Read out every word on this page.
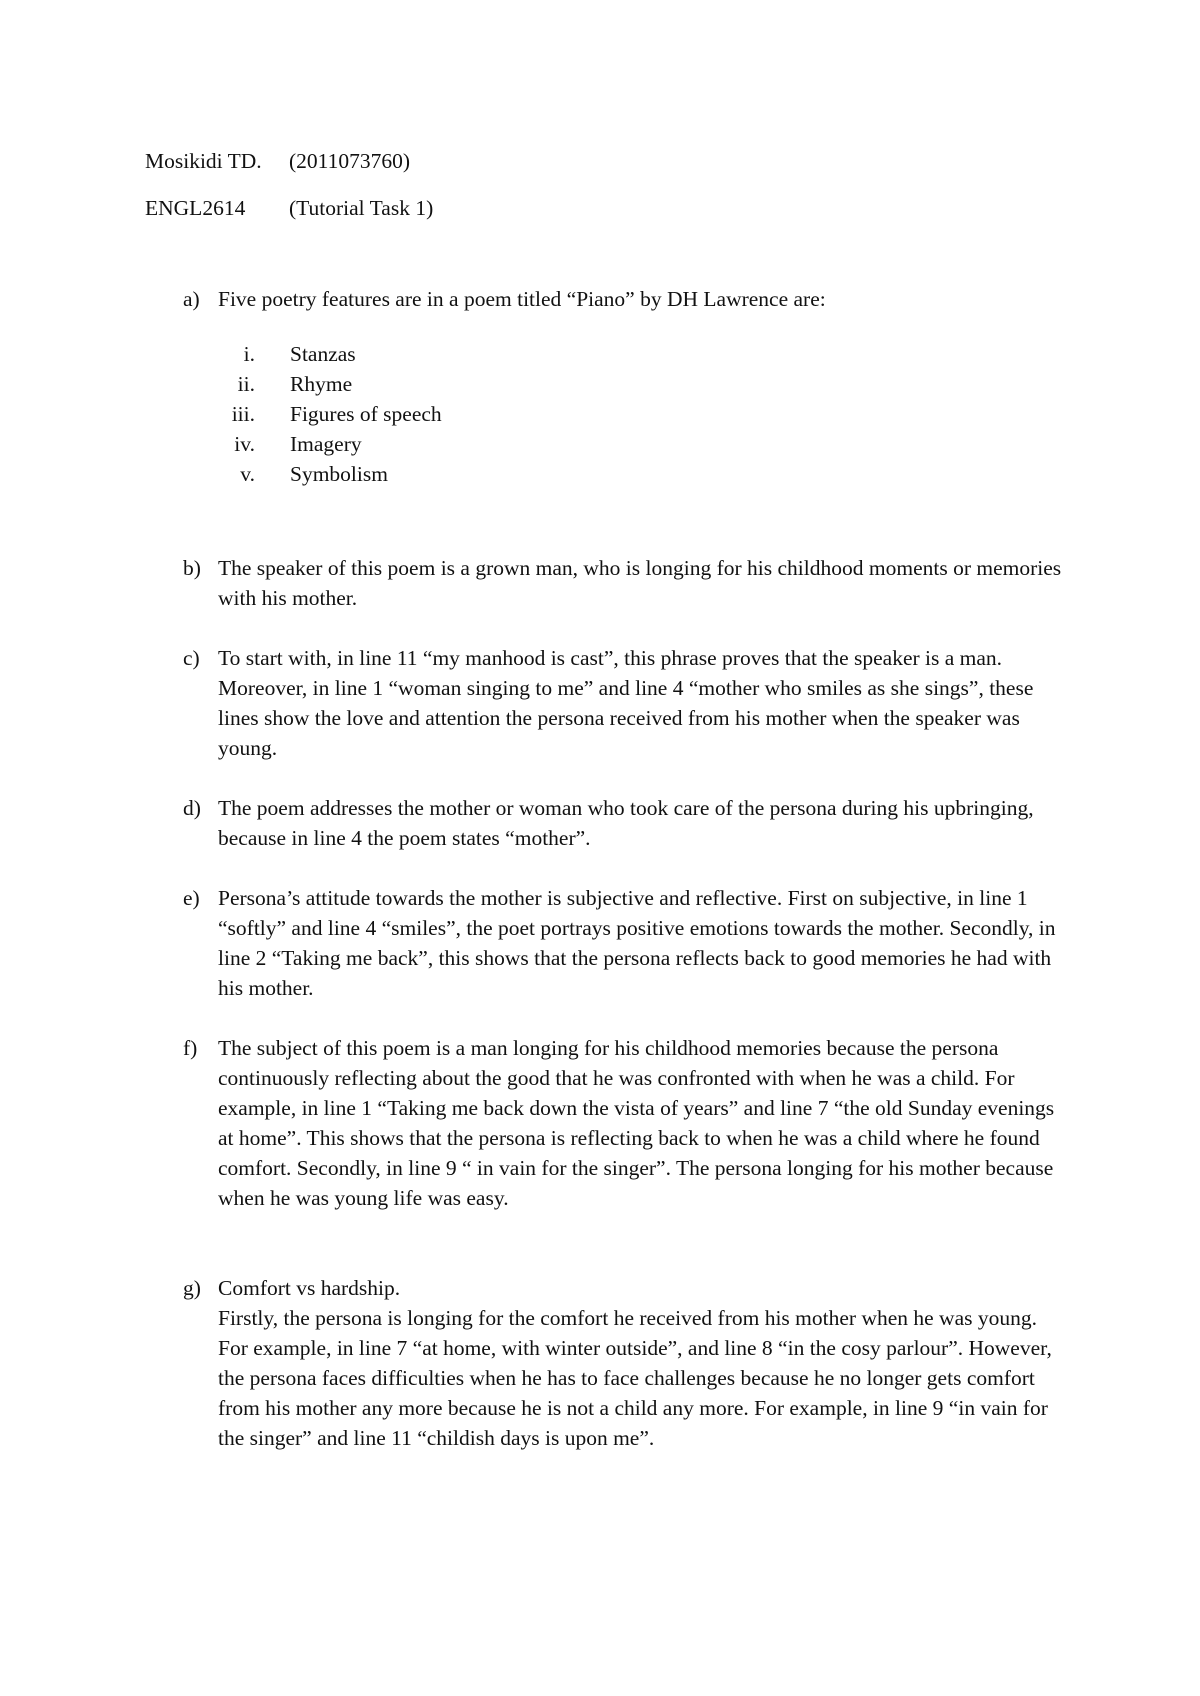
Mosikidi TD. (2011073760)
ENGL2614 (Tutorial Task 1)
a) Five poetry features are in a poem titled “Piano” by DH Lawrence are:

i. Stanzas
ii. Rhyme
iii. Figures of speech
iv. Imagery
v. Symbolism
b) The speaker of this poem is a grown man, who is longing for his childhood moments or memories with his mother.

c) To start with, in line 11 “my manhood is cast”, this phrase proves that the speaker is a man. Moreover, in line 1 “woman singing to me” and line 4 “mother who smiles as she sings”, these lines show the love and attention the persona received from his mother when the speaker was young.

d) The poem addresses the mother or woman who took care of the persona during his upbringing, because in line 4 the poem states “mother”.

e) Persona’s attitude towards the mother is subjective and reflective. First on subjective, in line 1 “softly” and line 4 “smiles”, the poet portrays positive emotions towards the mother. Secondly, in line 2 “Taking me back”, this shows that the persona reflects back to good memories he had with his mother.

f) The subject of this poem is a man longing for his childhood memories because the persona continuously reflecting about the good that he was confronted with when he was a child. For example, in line 1 “Taking me back down the vista of years” and line 7 “the old Sunday evenings at home”. This shows that the persona is reflecting back to when he was a child where he found comfort. Secondly, in line 9 “ in vain for the singer”. The persona longing for his mother because when he was young life was easy.

g) Comfort vs hardship.

Firstly, the persona is longing for the comfort he received from his mother when he was young. For example, in line 7 “at home, with winter outside”, and line 8 “in the cosy parlour”. However, the persona faces difficulties when he has to face challenges because he no longer gets comfort from his mother any more because he is not a child any more. For example, in line 9 “in vain for the singer” and line 11 “childish days is upon me”.
